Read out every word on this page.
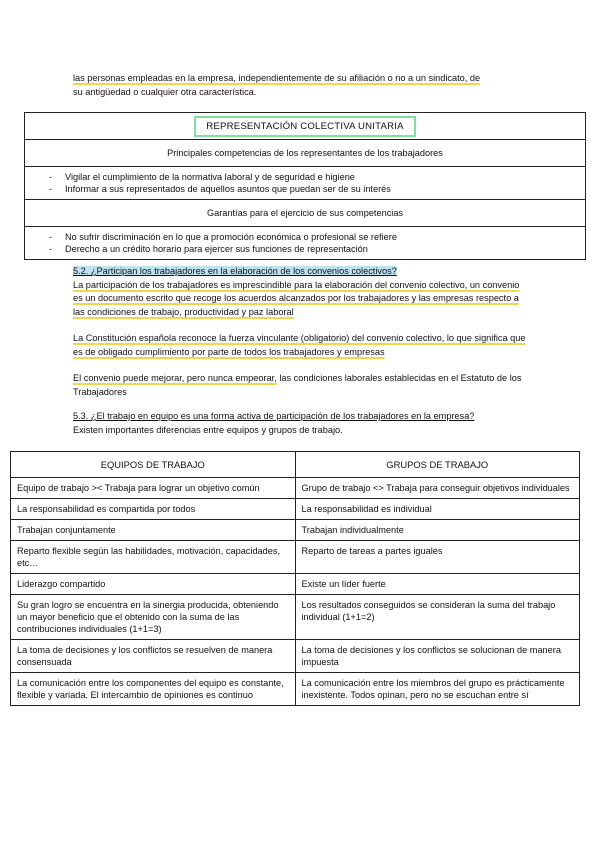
las personas empleadas en la empresa, independientemente de su afiliación o no a un sindicato, de
su antigüedad o cualquier otra característica.
REPRESENTACIÓN COLECTIVA UNITARIA
Principales competencias de los representantes de los trabajadores

- Vigilar el cumplimiento de la normativa laboral y de seguridad e higiene
- Informar a sus representados de aquellos asuntos que puedan ser de su interés

Garantías para el ejercicio de sus competencias

- No sufrir discriminación en lo que a promoción económica o profesional se refiere
- Derecho a un crédito horario para ejercer sus funciones de representación
5.2. ¿Participan los trabajadores en la elaboración de los convenios colectivos?
La participación de los trabajadores es imprescindible para la elaboración del convenio colectivo, un convenio es un documento escrito que recoge los acuerdos alcanzados por los trabajadores y las empresas respecto a las condiciones de trabajo, productividad y paz laboral
La Constitución española reconoce la fuerza vinculante (obligatorio) del convenio colectivo, lo que significa que es de obligado cumplimiento por parte de todos los trabajadores y empresas
El convenio puede mejorar, pero nunca empeorar, las condiciones laborales establecidas en el Estatuto de los Trabajadores
5.3. ¿El trabajo en equipo es una forma activa de participación de los trabajadores en la empresa?
Existen importantes diferencias entre equipos y grupos de trabajo.
EQUIPOS DE TRABAJO	GRUPOS DE TRABAJO
Equipo de trabajo >< Trabaja para lograr un objetivo común	Grupo de trabajo <> Trabaja para conseguir objetivos individuales
La responsabilidad es compartida por todos	La responsabilidad es individual
Trabajan conjuntamente	Trabajan individualmente
Reparto flexible según las habilidades, motivación, capacidades, etc…	Reparto de tareas a partes iguales
Liderazgo compartido	Existe un líder fuerte
Su gran logro se encuentra en la sinergia producida, obteniendo un mayor beneficio que el obtenido con la suma de las contribuciones individuales (1+1=3)	Los resultados conseguidos se consideran la suma del trabajo individual (1+1=2)
La toma de decisiones y los conflictos se resuelven de manera consensuada	La toma de decisiones y los conflictos se solucionan de manera impuesta
La comunicación entre los componentes del equipo es constante, flexible y variada. El intercambio de opiniones es continuo	La comunicación entre los miembros del grupo es prácticamente inexistente. Todos opinan, pero no se escuchan entre sí
